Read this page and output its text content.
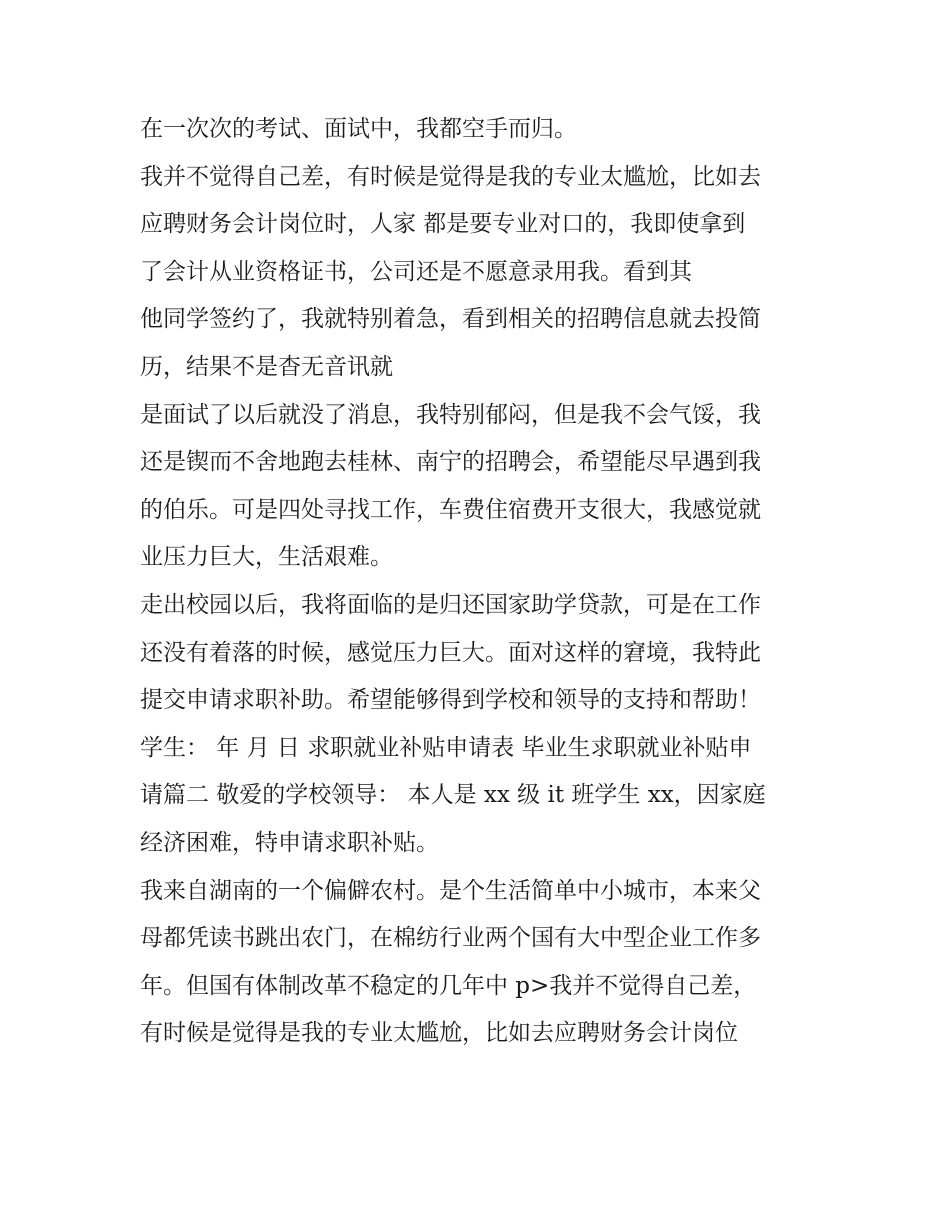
在一次次的考试、面试中，我都空手而归。
我并不觉得自己差，有时候是觉得是我的专业太尴尬，比如去
应聘财务会计岗位时，人家 都是要专业对口的，我即使拿到
了会计从业资格证书，公司还是不愿意录用我。看到其
他同学签约了，我就特别着急，看到相关的招聘信息就去投简
历，结果不是杳无音讯就
是面试了以后就没了消息，我特别郁闷，但是我不会气馁，我
还是锲而不舍地跑去桂林、南宁的招聘会，希望能尽早遇到我
的伯乐。可是四处寻找工作，车费住宿费开支很大，我感觉就
业压力巨大，生活艰难。
走出校园以后，我将面临的是归还国家助学贷款，可是在工作
还没有着落的时候，感觉压力巨大。面对这样的窘境，我特此
提交申请求职补助。希望能够得到学校和领导的支持和帮助！
学生： 年 月 日 求职就业补贴申请表 毕业生求职就业补贴申
请篇二 敬爱的学校领导： 本人是 xx 级 it 班学生 xx，因家庭
经济困难，特申请求职补贴。
我来自湖南的一个偏僻农村。是个生活简单中小城市，本来父
母都凭读书跳出农门，在棉纺行业两个国有大中型企业工作多
年。但国有体制改革不稳定的几年中 p>我并不觉得自己差，
有时候是觉得是我的专业太尴尬，比如去应聘财务会计岗位
